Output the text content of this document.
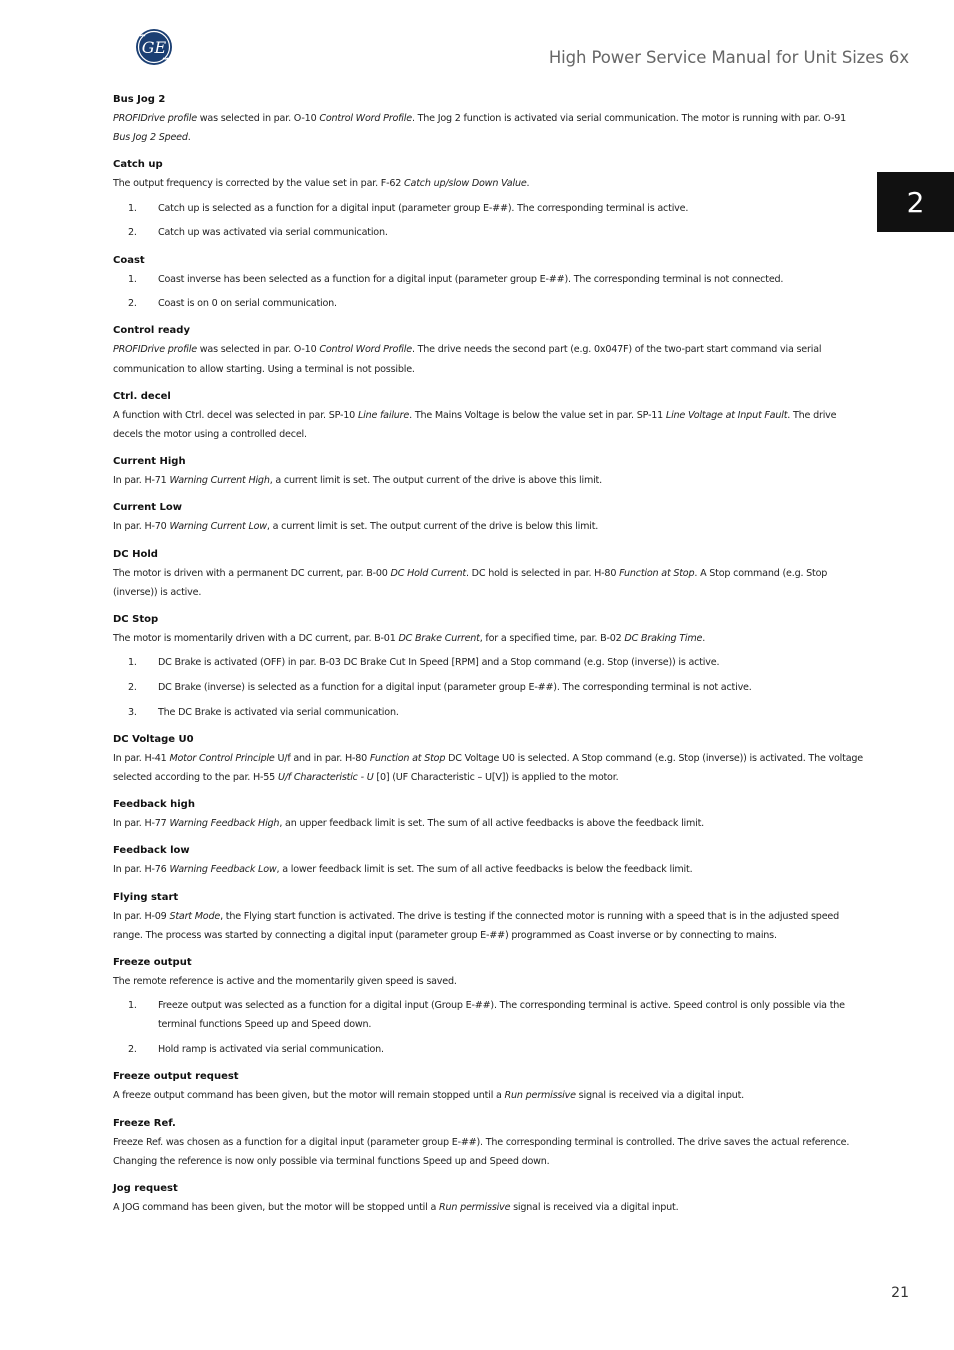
GE
High Power Service Manual for Unit Sizes 6x
2
Bus Jog 2

PROFIDrive profile was selected in par. O-10 Control Word Profile. The Jog 2 function is activated via serial communication. The motor is running with par. O-91 Bus Jog 2 Speed.

Catch up

The output frequency is corrected by the value set in par. F-62 Catch up/slow Down Value.

1. Catch up is selected as a function for a digital input (parameter group E-##). The corresponding terminal is active.
2. Catch up was activated via serial communication.
Coast
1. Coast inverse has been selected as a function for a digital input (parameter group E-##). The corresponding terminal is not connected.
2. Coast is on 0 on serial communication.
Control ready

PROFIDrive profile was selected in par. O-10 Control Word Profile. The drive needs the second part (e.g. 0x047F) of the two-part start command via serial communication to allow starting. Using a terminal is not possible.

Ctrl. decel

A function with Ctrl. decel was selected in par. SP-10 Line failure. The Mains Voltage is below the value set in par. SP-11 Line Voltage at Input Fault. The drive decels the motor using a controlled decel.

Current High

In par. H-71 Warning Current High, a current limit is set. The output current of the drive is above this limit.

Current Low

In par. H-70 Warning Current Low, a current limit is set. The output current of the drive is below this limit.

DC Hold

The motor is driven with a permanent DC current, par. B-00 DC Hold Current. DC hold is selected in par. H-80 Function at Stop. A Stop command (e.g. Stop (inverse)) is active.

DC Stop

The motor is momentarily driven with a DC current, par. B-01 DC Brake Current, for a specified time, par. B-02 DC Braking Time.

1. DC Brake is activated (OFF) in par. B-03 DC Brake Cut In Speed [RPM] and a Stop command (e.g. Stop (inverse)) is active.
2. DC Brake (inverse) is selected as a function for a digital input (parameter group E-##). The corresponding terminal is not active.
3. The DC Brake is activated via serial communication.
DC Voltage U0

In par. H-41 Motor Control Principle U/f and in par. H-80 Function at Stop DC Voltage U0 is selected. A Stop command (e.g. Stop (inverse)) is activated. The voltage selected according to the par. H-55 U/f Characteristic - U [0] (UF Characteristic – U[V]) is applied to the motor.

Feedback high

In par. H-77 Warning Feedback High, an upper feedback limit is set. The sum of all active feedbacks is above the feedback limit.

Feedback low

In par. H-76 Warning Feedback Low, a lower feedback limit is set. The sum of all active feedbacks is below the feedback limit.

Flying start

In par. H-09 Start Mode, the Flying start function is activated. The drive is testing if the connected motor is running with a speed that is in the adjusted speed range. The process was started by connecting a digital input (parameter group E-##) programmed as Coast inverse or by connecting to mains.

Freeze output

The remote reference is active and the momentarily given speed is saved.

1. Freeze output was selected as a function for a digital input (Group E-##). The corresponding terminal is active. Speed control is only possible via the terminal functions Speed up and Speed down.
2. Hold ramp is activated via serial communication.
Freeze output request

A freeze output command has been given, but the motor will remain stopped until a Run permissive signal is received via a digital input.

Freeze Ref.

Freeze Ref. was chosen as a function for a digital input (parameter group E-##). The corresponding terminal is controlled. The drive saves the actual reference. Changing the reference is now only possible via terminal functions Speed up and Speed down.

Jog request

A JOG command has been given, but the motor will be stopped until a Run permissive signal is received via a digital input.

21
